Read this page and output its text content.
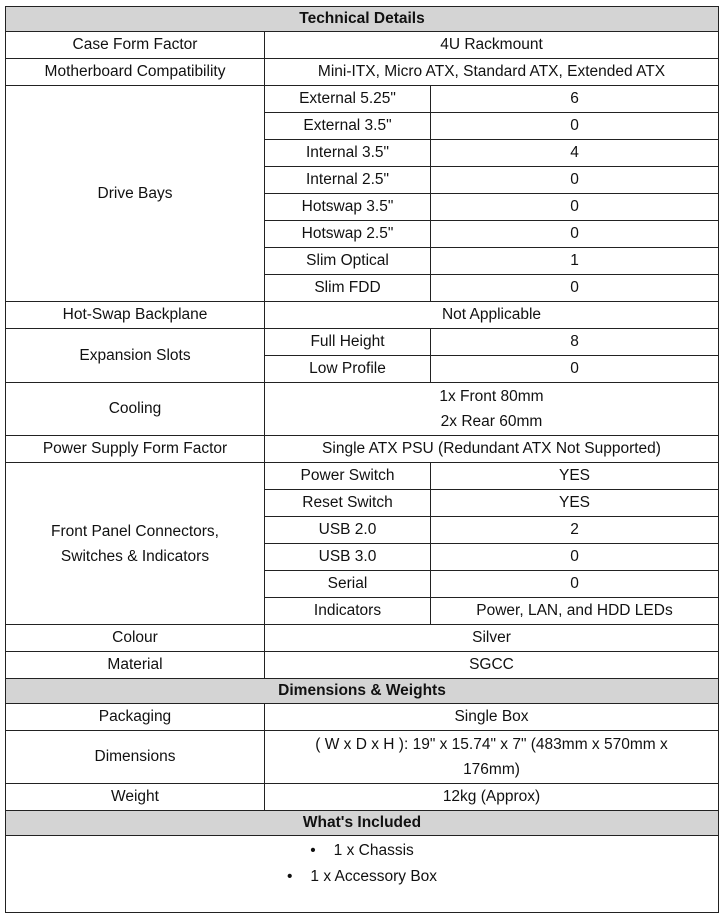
Technical Details		
Case Form Factor	4U Rackmount	
Motherboard Compatibility	Mini-ITX, Micro ATX, Standard ATX, Extended ATX	
Drive Bays	External 5.25"	6
	External 3.5"	0
	Internal 3.5"	4
	Internal 2.5"	0
	Hotswap 3.5"	0
	Hotswap 2.5"	0
	Slim Optical	1
	Slim FDD	0
Hot-Swap Backplane	Not Applicable	
Expansion Slots	Full Height	8
	Low Profile	0
Cooling	1x Front 80mm
2x Rear 60mm	

Power Supply Form Factor	Single ATX PSU (Redundant ATX Not Supported)	

Front Panel Connectors,
Switches & Indicators	Power Switch	YES
	Reset Switch	YES
	USB 2.0	2
	USB 3.0	0
	Serial	0
	Indicators	Power, LAN, and HDD LEDs
Colour	Silver	
Material	SGCC	
Dimensions & Weights		
Packaging	Single Box	
Dimensions	( W x D x H ): 19" x 15.74" x 7" (483mm x 570mm x
176mm)	

Weight	12kg (Approx)	
What's Included		

• 1 x Chassis
• 1 x Accessory Box		
